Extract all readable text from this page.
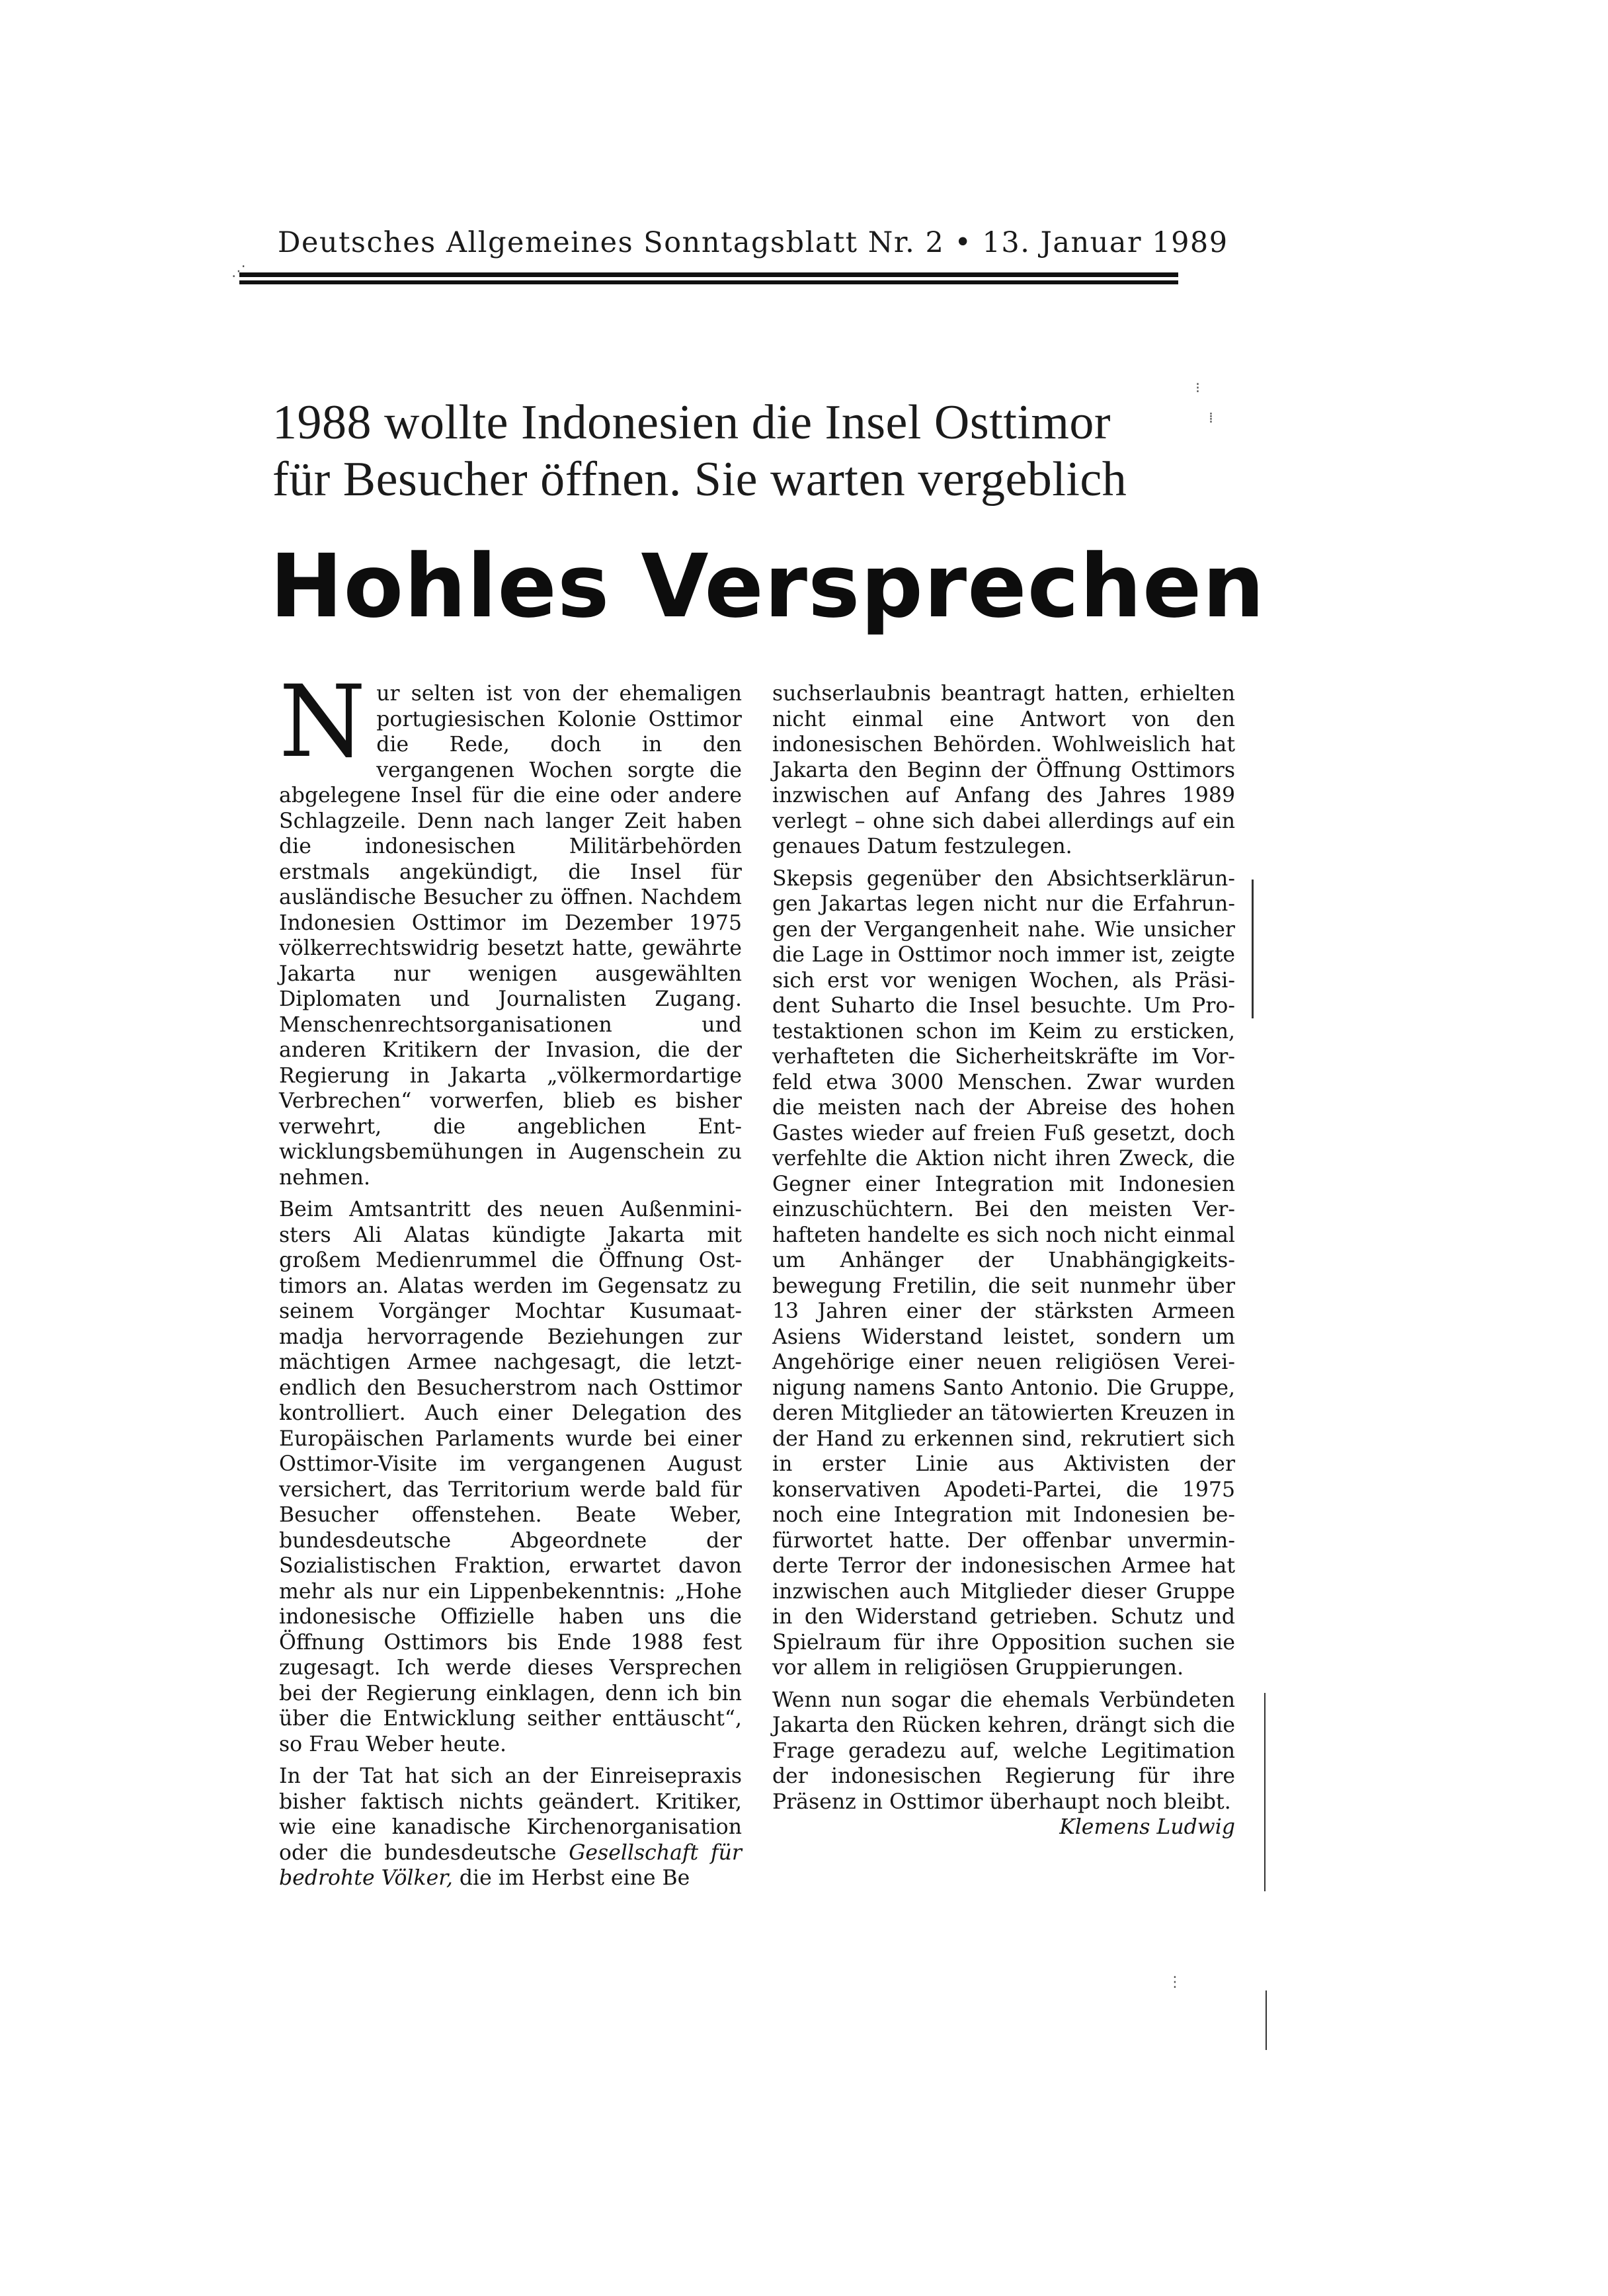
Deutsches Allgemeines Sonntagsblatt Nr. 2 • 13. Januar 1989
1988 wollte Indonesien die Insel Osttimor
für Besucher öffnen. Sie warten vergeblich
Hohles Versprechen

Nur selten ist von der ehemaligen portugiesischen Kolonie Osttimor die Rede, doch in den vergangenen Wochen sorgte die abgelegene Insel für die eine oder andere Schlagzeile. Denn nach langer Zeit haben die indonesischen Militärbehörden erstmals angekündigt, die Insel für ausländische Besucher zu öffnen. Nachdem Indonesien Osttimor im Dezember 1975 völkerrechtswidrig besetzt hatte, gewährte Jakarta nur wenigen ausgewählten Diplomaten und Journalisten Zugang. Menschenrechtsorganisationen und anderen Kritikern der Invasion, die der Regierung in Jakarta „völkermordartige Verbrechen“ vorwerfen, blieb es bisher verwehrt, die angeblichen Entwicklungsbemühungen in Augenschein zu nehmen.

Beim Amtsantritt des neuen Außenministers Ali Alatas kündigte Jakarta mit großem Medienrummel die Öffnung Osttimors an. Alatas werden im Gegensatz zu seinem Vorgänger Mochtar Kusumaatmadja hervorragende Beziehungen zur mächtigen Armee nachgesagt, die letztendlich den Besucherstrom nach Osttimor kontrolliert. Auch einer Delegation des Europäischen Parlaments wurde bei einer Osttimor-Visite im vergangenen August versichert, das Territorium werde bald für Besucher offenstehen. Beate Weber, bundesdeutsche Abgeordnete der Sozialistischen Fraktion, erwartet davon mehr als nur ein Lippenbekenntnis: „Hohe indonesische Offizielle haben uns die Öffnung Osttimors bis Ende 1988 fest zugesagt. Ich werde dieses Versprechen bei der Regierung einklagen, denn ich bin über die Entwicklung seither enttäuscht“, so Frau Weber heute.

In der Tat hat sich an der Einreisepraxis bisher faktisch nichts geändert. Kritiker, wie eine kanadische Kirchenorganisation oder die bundesdeutsche Gesellschaft für bedrohte Völker, die im Herbst eine Be

suchserlaubnis beantragt hatten, erhielten nicht einmal eine Antwort von den indonesischen Behörden. Wohlweislich hat Jakarta den Beginn der Öffnung Osttimors inzwischen auf Anfang des Jahres 1989 verlegt – ohne sich dabei allerdings auf ein genaues Datum festzulegen.

Skepsis gegenüber den Absichtserklärungen Jakartas legen nicht nur die Erfahrungen der Vergangenheit nahe. Wie unsicher die Lage in Osttimor noch immer ist, zeigte sich erst vor wenigen Wochen, als Präsident Suharto die Insel besuchte. Um Protestaktionen schon im Keim zu ersticken, verhafteten die Sicherheitskräfte im Vorfeld etwa 3000 Menschen. Zwar wurden die meisten nach der Abreise des hohen Gastes wieder auf freien Fuß gesetzt, doch verfehlte die Aktion nicht ihren Zweck, die Gegner einer Integration mit Indonesien einzuschüchtern. Bei den meisten Verhafteten handelte es sich noch nicht einmal um Anhänger der Unabhängigkeitsbewegung Fretilin, die seit nunmehr über 13 Jahren einer der stärksten Armeen Asiens Widerstand leistet, sondern um Angehörige einer neuen religiösen Vereinigung namens Santo Antonio. Die Gruppe, deren Mitglieder an tätowierten Kreuzen in der Hand zu erkennen sind, rekrutiert sich in erster Linie aus Aktivisten der konservativen Apodeti-Partei, die 1975 noch eine Integration mit Indonesien befürwortet hatte. Der offenbar unverminderte Terror der indonesischen Armee hat inzwischen auch Mitglieder dieser Gruppe in den Widerstand getrieben. Schutz und Spielraum für ihre Opposition suchen sie vor allem in religiösen Gruppierungen.

Wenn nun sogar die ehemals Verbündeten Jakarta den Rücken kehren, drängt sich die Frage geradezu auf, welche Legitimation der indonesischen Regierung für ihre Präsenz in Osttimor überhaupt noch bleibt.
Klemens Ludwig

⁝
⁞
⋰
⋮
